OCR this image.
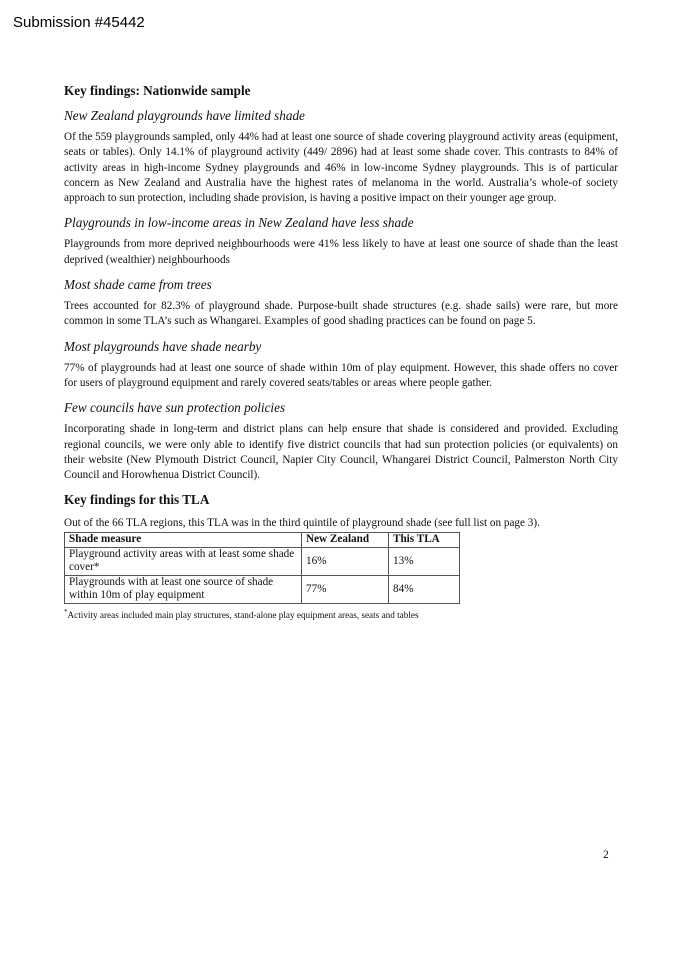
Submission #45442
Key findings: Nationwide sample
New Zealand playgrounds have limited shade

Of the 559 playgrounds sampled, only 44% had at least one source of shade covering playground activity areas (equipment, seats or tables). Only 14.1% of playground activity (449/ 2896) had at least some shade cover. This contrasts to 84% of activity areas in high-income Sydney playgrounds and 46% in low-income Sydney playgrounds. This is of particular concern as New Zealand and Australia have the highest rates of melanoma in the world. Australia’s whole-of society approach to sun protection, including shade provision, is having a positive impact on their younger age group.

Playgrounds in low-income areas in New Zealand have less shade

Playgrounds from more deprived neighbourhoods were 41% less likely to have at least one source of shade than the least deprived (wealthier) neighbourhoods

Most shade came from trees

Trees accounted for 82.3% of playground shade. Purpose-built shade structures (e.g. shade sails) were rare, but more common in some TLA’s such as Whangarei. Examples of good shading practices can be found on page 5.

Most playgrounds have shade nearby

77% of playgrounds had at least one source of shade within 10m of play equipment. However, this shade offers no cover for users of playground equipment and rarely covered seats/tables or areas where people gather.

Few councils have sun protection policies

Incorporating shade in long-term and district plans can help ensure that shade is considered and provided. Excluding regional councils, we were only able to identify five district councils that had sun protection policies (or equivalents) on their website (New Plymouth District Council, Napier City Council, Whangarei District Council, Palmerston North City Council and Horowhenua District Council).

Key findings for this TLA

Out of the 66 TLA regions, this TLA was in the third quintile of playground shade (see full list on page 3).

Shade measure	New Zealand	This TLA
Playground activity areas with at least some shade cover*	16%	13%
Playgrounds with at least one source of shade within 10m of play equipment	77%	84%
*Activity areas included main play structures, stand-alone play equipment areas, seats and tables
2
